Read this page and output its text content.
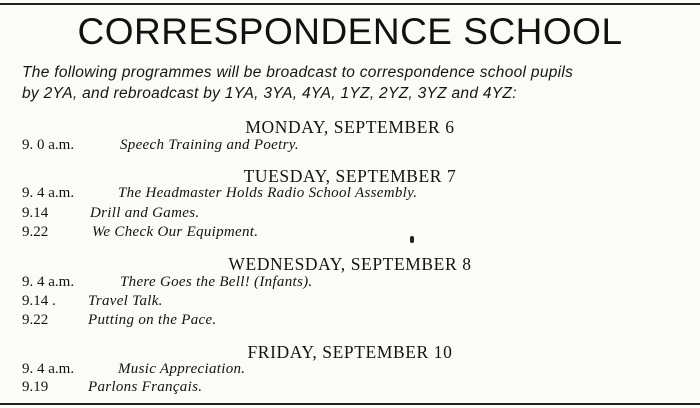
CORRESPONDENCE SCHOOL
The following programmes will be broadcast to correspondence school pupils
by 2YA, and rebroadcast by 1YA, 3YA, 4YA, 1YZ, 2YZ, 3YZ and 4YZ:
MONDAY, SEPTEMBER 6
9. 0 a.m.	Speech Training and Poetry.
TUESDAY, SEPTEMBER 7
9. 4 a.m.	The Headmaster Holds Radio School Assembly.
9.14	Drill and Games.
9.22	We Check Our Equipment.
WEDNESDAY, SEPTEMBER 8
9. 4 a.m.	There Goes the Bell! (Infants).
9.14 . Travel Talk.
9.22	Putting on the Pace.
FRIDAY, SEPTEMBER 10
9. 4 a.m.	Music Appreciation.
9.19	Parlons Français.
